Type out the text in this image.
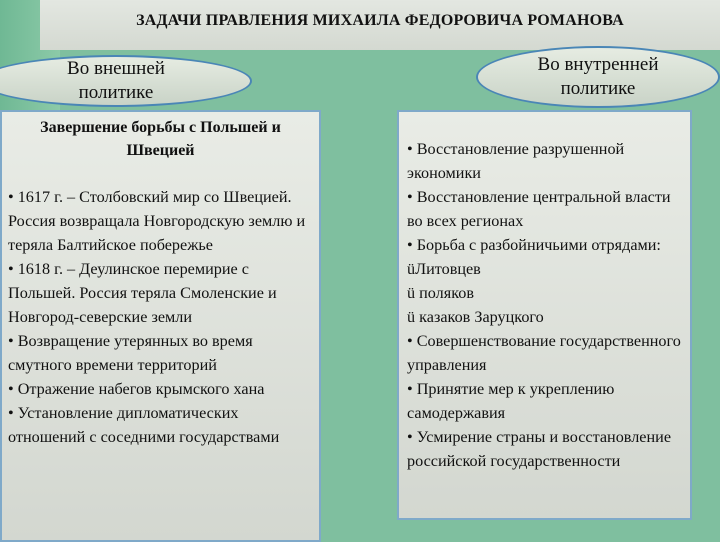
ЗАДАЧИ ПРАВЛЕНИЯ МИХАИЛА ФЕДОРОВИЧА РОМАНОВА
Во внешней политике
Во внутренней политике
Завершение борьбы с Польшей и Швецией

• 1617 г. – Столбовский мир со Швецией. Россия возвращала Новгородскую землю и теряла Балтийское побережье

• 1618 г. – Деулинское перемирие с Польшей. Россия теряла Смоленские и Новгород-северские земли

• Возвращение утерянных во время смутного времени территорий

• Отражение набегов крымского хана

• Установление дипломатических отношений с соседними государствами

• Восстановление разрушенной экономики

• Восстановление центральной власти во всех регионах

• Борьба с разбойничьими отрядами:

üЛитовцев

ü поляков

ü казаков Заруцкого

• Совершенствование государственного управления

• Принятие мер к укреплению самодержавия

• Усмирение страны и восстановление российской государственности
